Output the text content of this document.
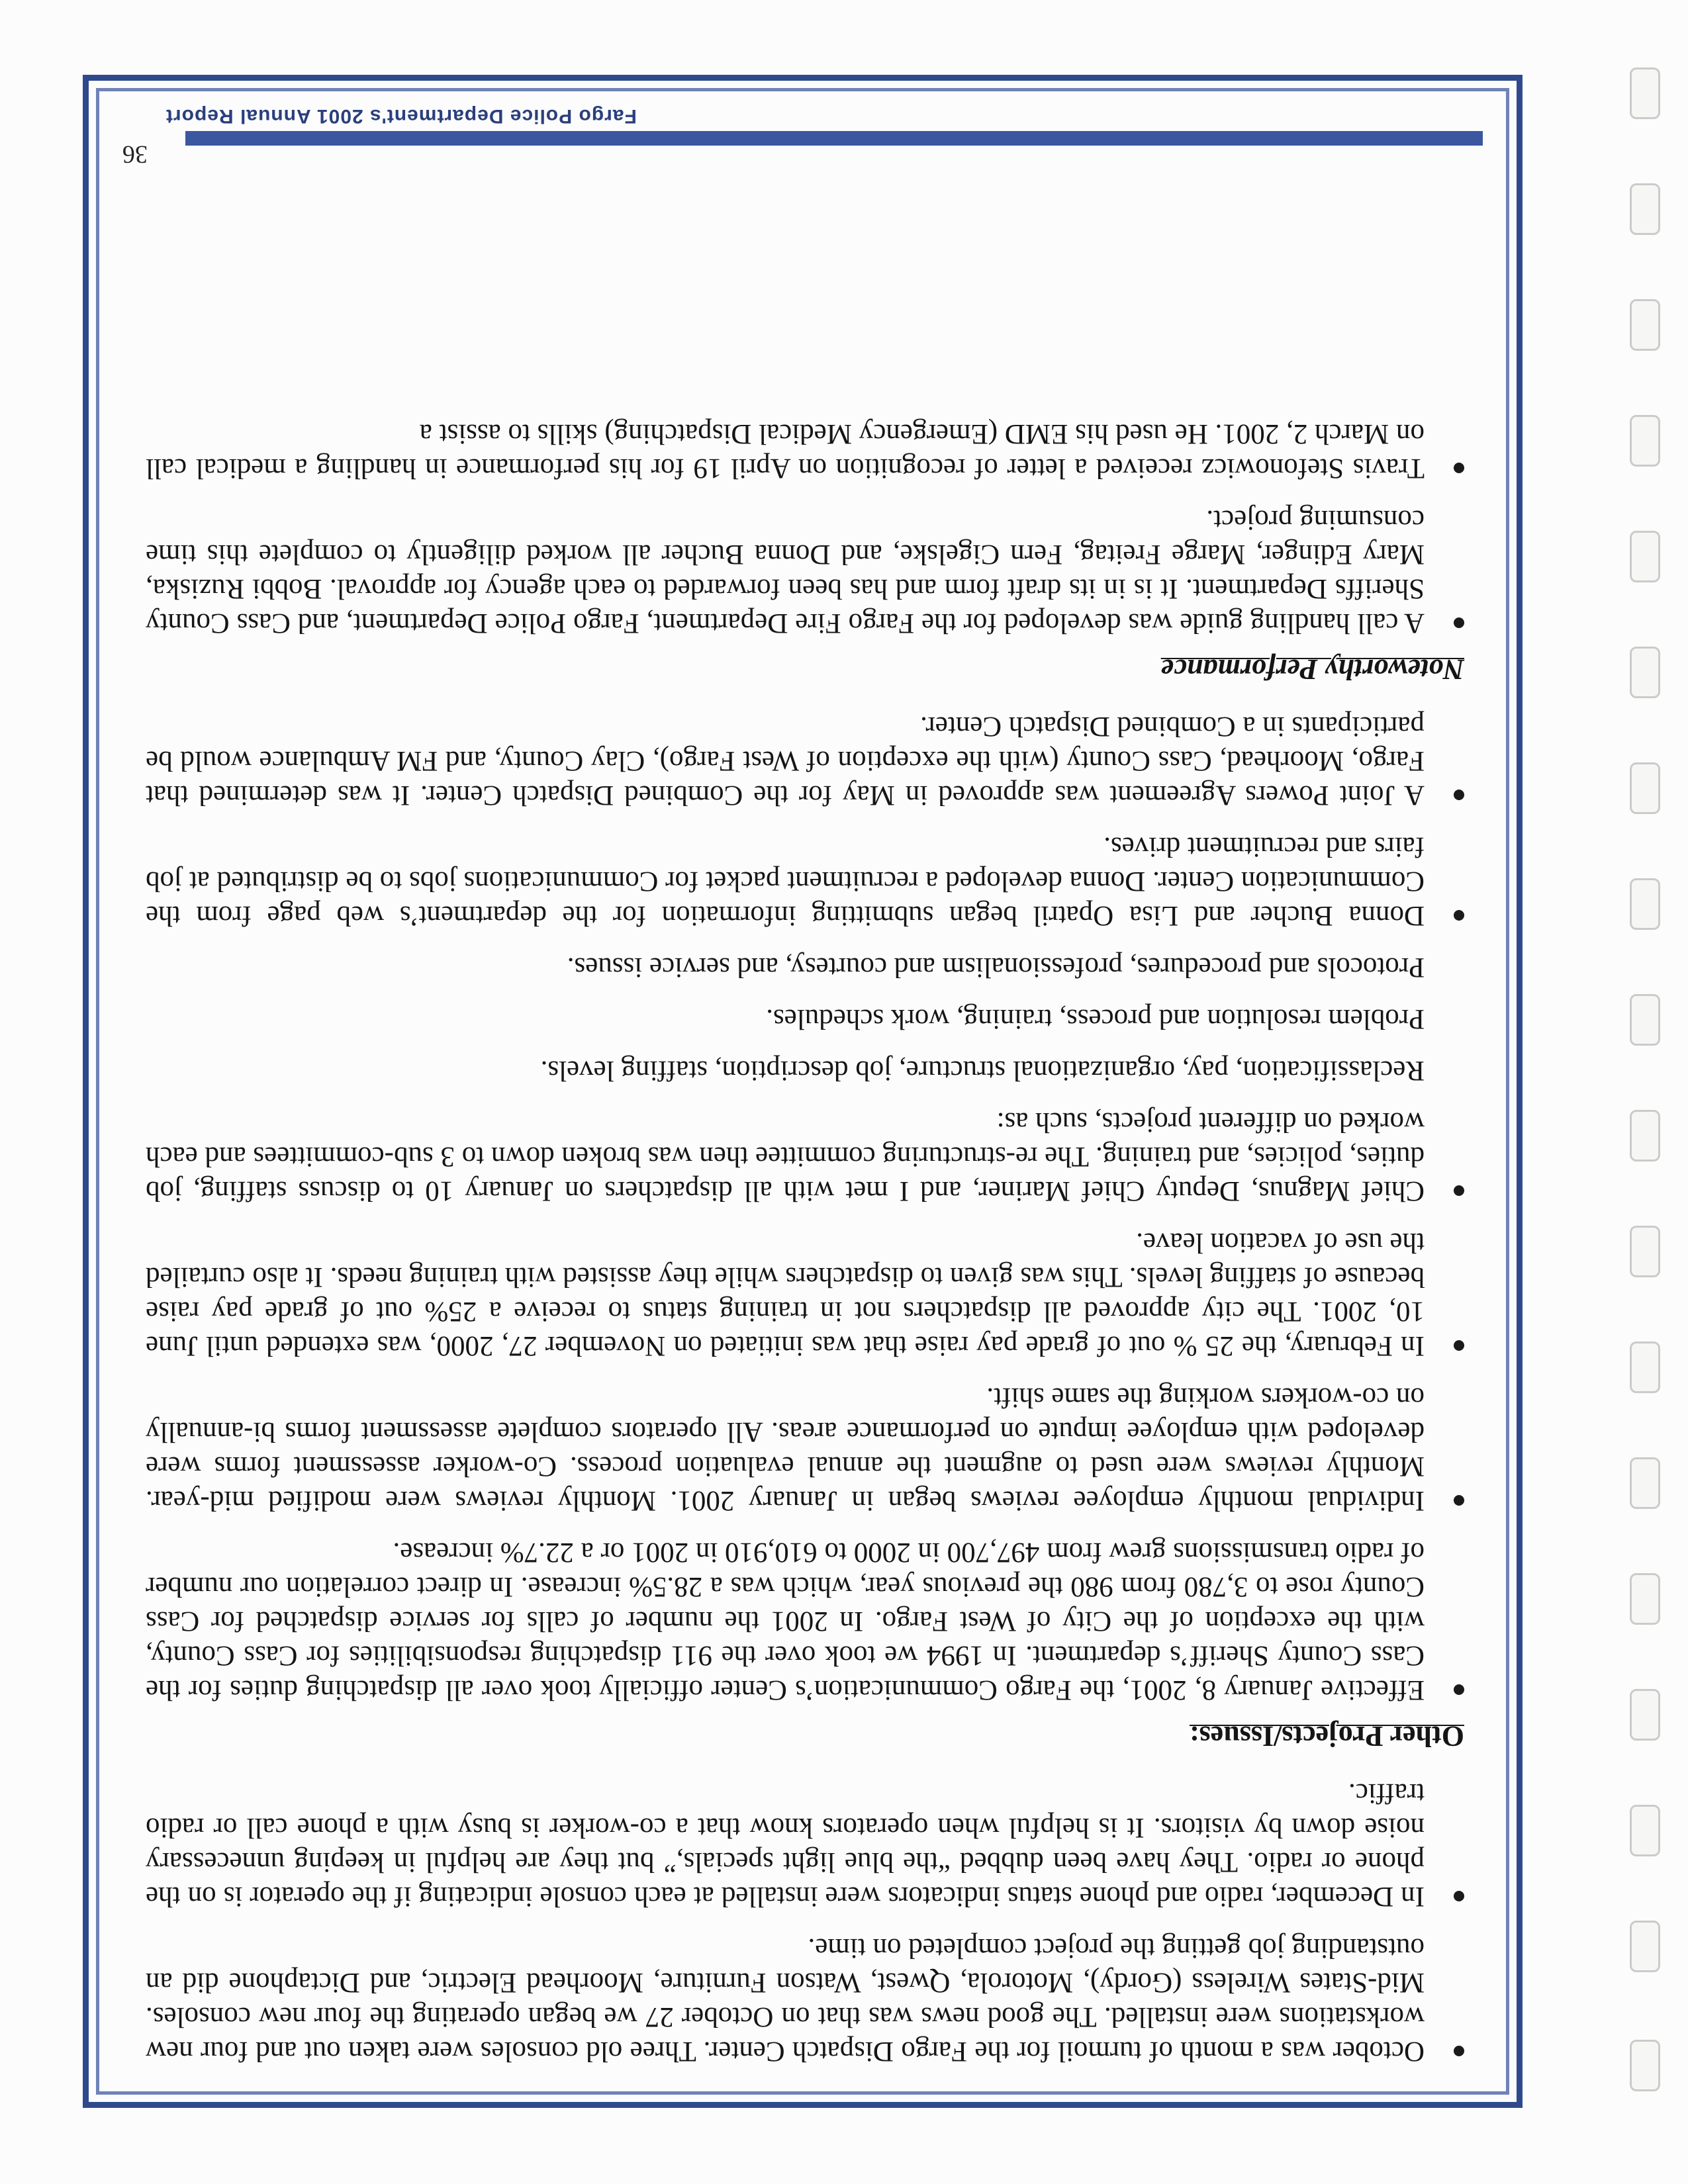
October was a month of turmoil for the Fargo Dispatch Center. Three old consoles were taken out and four new workstations were installed. The good news was that on October 27 we began operating the four new consoles. Mid-States Wireless (Gordy), Motorola, Qwest, Watson Furniture, Moorhead Electric, and Dictaphone did an outstanding job getting the project completed on time.
In December, radio and phone status indicators were installed at each console indicating if the operator is on the phone or radio. They have been dubbed “the blue light specials,” but they are helpful in keeping unnecessary noise down by visitors. It is helpful when operators know that a co-worker is busy with a phone call or radio traffic.
Other Projects/Issues:
Effective January 8, 2001, the Fargo Communication’s Center officially took over all dispatching duties for the Cass County Sheriff’s department. In 1994 we took over the 911 dispatching responsibilities for Cass County, with the exception of the City of West Fargo. In 2001 the number of calls for service dispatched for Cass County rose to 3,780 from 980 the previous year, which was a 28.5% increase. In direct correlation our number of radio transmissions grew from 497,700 in 2000 to 610,910 in 2001 or a 22.7% increase.
Individual monthly employee reviews began in January 2001. Monthly reviews were modified mid-year. Monthly reviews were used to augment the annual evaluation process. Co-worker assessment forms were developed with employee impute on performance areas. All operators complete assessment forms bi-annually on co-workers working the same shift.
In February, the 25 % out of grade pay raise that was initiated on November 27, 2000, was extended until June 10, 2001. The city approved all dispatchers not in training status to receive a 25% out of grade pay raise because of staffing levels. This was given to dispatchers while they assisted with training needs. It also curtailed the use of vacation leave.
Chief Magnus, Deputy Chief Mariner, and I met with all dispatchers on January 10 to discuss staffing, job duties, policies, and training. The re-structuring committee then was broken down to 3 sub-committees and each worked on different projects, such as:
Reclassification, pay, organizational structure, job description, staffing levels.
Problem resolution and process, training, work schedules.
Protocols and procedures, professionalism and courtesy, and service issues.
Donna Bucher and Lisa Opatril began submitting information for the department’s web page from the Communication Center. Donna developed a recruitment packet for Communications jobs to be distributed at job fairs and recruitment drives.
A Joint Powers Agreement was approved in May for the Combined Dispatch Center. It was determined that Fargo, Moorhead, Cass County (with the exception of West Fargo), Clay County, and FM Ambulance would be participants in a Combined Dispatch Center.
Noteworthy Performance
A call handling guide was developed for the Fargo Fire Department, Fargo Police Department, and Cass County Sheriffs Department. It is in its draft form and has been forwarded to each agency for approval. Bobbi Ruziska, Mary Edinger, Marge Freitag, Fern Cigelske, and Donna Bucher all worked diligently to complete this time consuming project.
Travis Stefonowicz received a letter of recognition on April 19 for his performance in handling a medical call on March 2, 2001. He used his EMD (Emergency Medical Dispatching) skills to assist a
Fargo Police Department's 2001 Annual Report
36
